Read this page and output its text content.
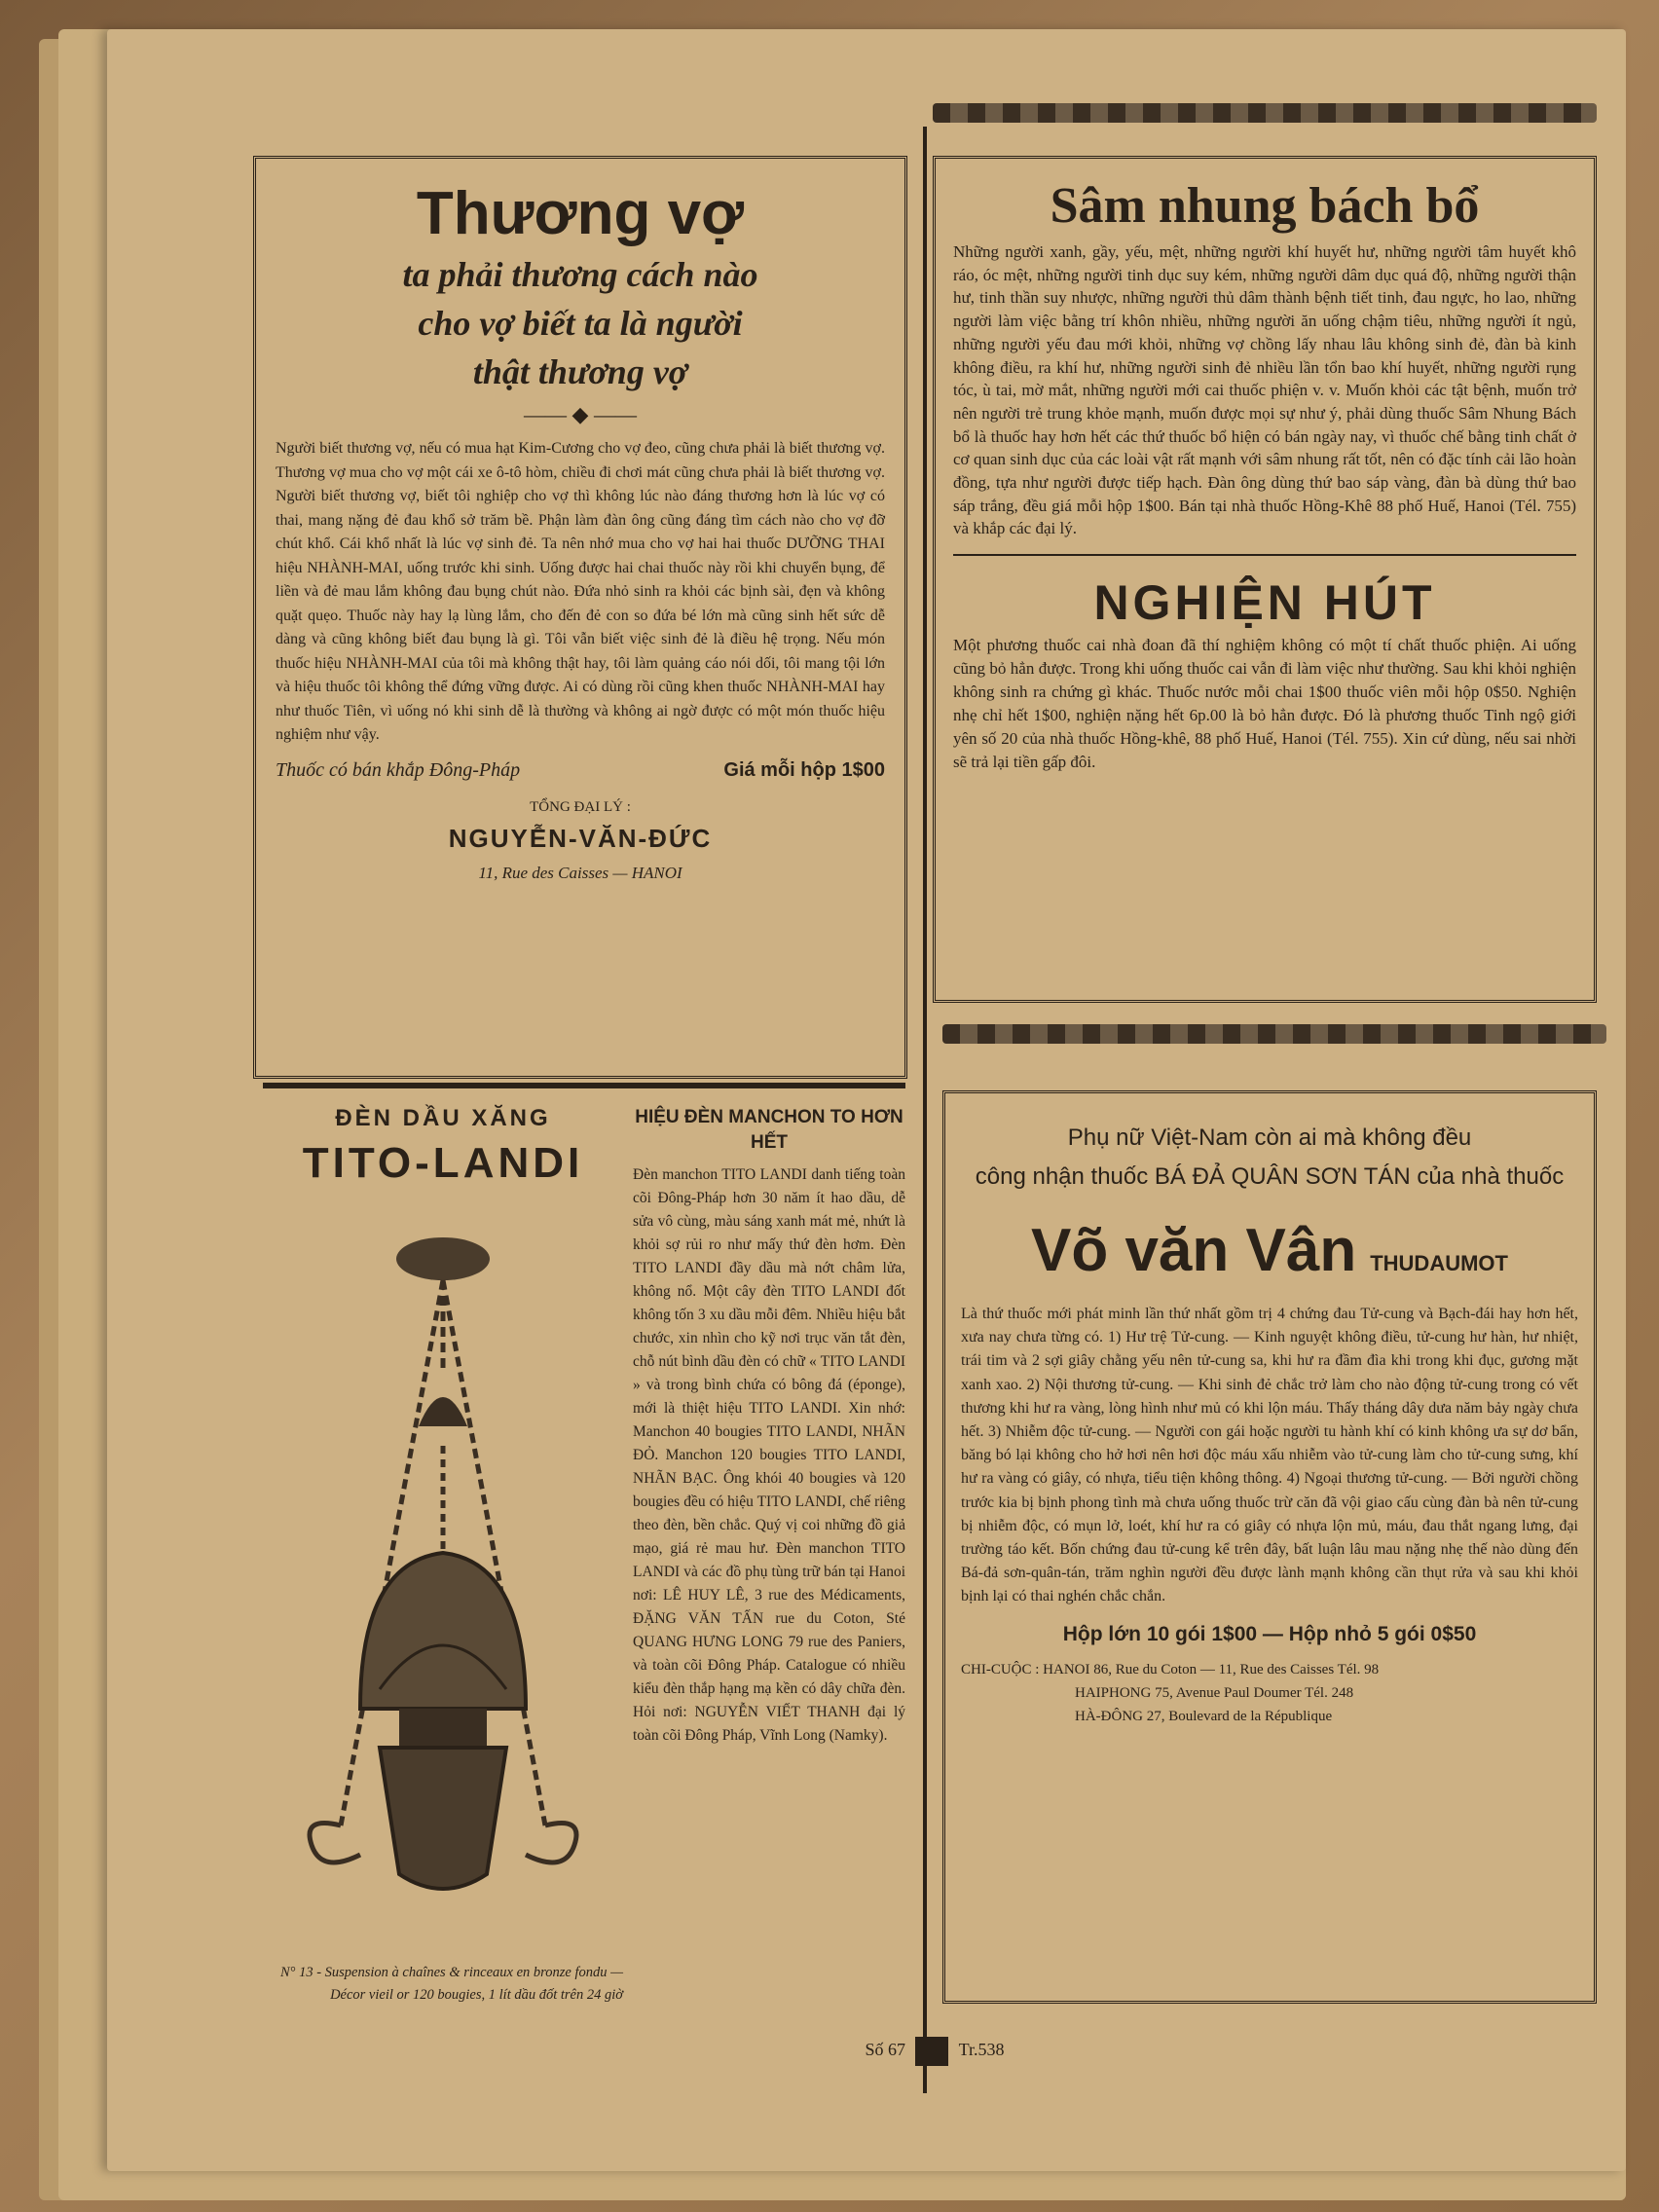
Thương vợ
ta phải thương cách nào
cho vợ biết ta là người
thật thương vợ
—— ◆ ——
Người biết thương vợ, nếu có mua hạt Kim-Cương cho vợ đeo, cũng chưa phải là biết thương vợ. Thương vợ mua cho vợ một cái xe ô-tô hòm, chiều đi chơi mát cũng chưa phải là biết thương vợ. Người biết thương vợ, biết tôi nghiệp cho vợ thì không lúc nào đáng thương hơn là lúc vợ có thai, mang nặng đẻ đau khổ sở trăm bề. Phận làm đàn ông cũng đáng tìm cách nào cho vợ đỡ chút khổ. Cái khổ nhất là lúc vợ sinh đẻ. Ta nên nhớ mua cho vợ hai hai thuốc DƯỠNG THAI hiệu NHÀNH-MAI, uống trước khi sinh. Uống được hai chai thuốc này rồi khi chuyển bụng, để liền và đẻ mau lắm không đau bụng chút nào. Đứa nhỏ sinh ra khỏi các bịnh sài, đẹn và không quặt quẹo. Thuốc này hay lạ lùng lắm, cho đến đẻ con so đứa bé lớn mà cũng sinh hết sức dễ dàng và cũng không biết đau bụng là gì. Tôi vẫn biết việc sinh đẻ là điều hệ trọng. Nếu món thuốc hiệu NHÀNH-MAI của tôi mà không thật hay, tôi làm quảng cáo nói dối, tôi mang tội lớn và hiệu thuốc tôi không thể đứng vững được. Ai có dùng rồi cũng khen thuốc NHÀNH-MAI hay như thuốc Tiên, vì uống nó khi sinh dễ là thường và không ai ngờ được có một món thuốc hiệu nghiệm như vậy.
Thuốc có bán khắp Đông-Pháp	Giá mỗi hộp 1$00
TỔNG ĐẠI LÝ :
NGUYỄN-VĂN-ĐỨC
11, Rue des Caisses — HANOI
Sâm nhung bách bổ
Những người xanh, gầy, yếu, mệt, những người khí huyết hư, những người tâm huyết khô ráo, óc mệt, những người tinh dục suy kém, những người dâm dục quá độ, những người thận hư, tinh thần suy nhược, những người thủ dâm thành bệnh tiết tinh, đau ngực, ho lao, những người làm việc bằng trí khôn nhiều, những người ăn uống chậm tiêu, những người ít ngủ, những người yếu đau mới khỏi, những vợ chồng lấy nhau lâu không sinh đẻ, đàn bà kinh không điều, ra khí hư, những người sinh đẻ nhiều lần tổn bao khí huyết, những người rụng tóc, ù tai, mờ mắt, những người mới cai thuốc phiện v. v. Muốn khỏi các tật bệnh, muốn trở nên người trẻ trung khỏe mạnh, muốn được mọi sự như ý, phải dùng thuốc Sâm Nhung Bách bổ là thuốc hay hơn hết các thứ thuốc bổ hiện có bán ngày nay, vì thuốc chế bằng tinh chất ở cơ quan sinh dục của các loài vật rất mạnh với sâm nhung rất tốt, nên có đặc tính cải lão hoàn đồng, tựa như người được tiếp hạch. Đàn ông dùng thứ bao sáp vàng, đàn bà dùng thứ bao sáp trắng, đều giá mỗi hộp 1$00. Bán tại nhà thuốc Hồng-Khê 88 phố Huế, Hanoi (Tél. 755) và khắp các đại lý.
NGHIỆN HÚT
Một phương thuốc cai nhà đoan đã thí nghiệm không có một tí chất thuốc phiện. Ai uống cũng bỏ hẳn được. Trong khi uống thuốc cai vẫn đi làm việc như thường. Sau khi khỏi nghiện không sinh ra chứng gì khác. Thuốc nước mỗi chai 1$00 thuốc viên mỗi hộp 0$50. Nghiện nhẹ chỉ hết 1$00, nghiện nặng hết 6p.00 là bỏ hẳn được. Đó là phương thuốc Tinh ngộ giới yên số 20 của nhà thuốc Hồng-khê, 88 phố Huế, Hanoi (Tél. 755). Xin cứ dùng, nếu sai nhời sẽ trả lại tiền gấp đôi.
ĐÈN DẦU XĂNG
TITO-LANDI
N° 13 - Suspension à chaînes & rinceaux en bronze fondu — Décor vieil or 120 bougies, 1 lít dầu đốt trên 24 giờ
HIỆU ĐÈN MANCHON TO HƠN HẾT
Đèn manchon TITO LANDI danh tiếng toàn cõi Đông-Pháp hơn 30 năm ít hao dầu, dễ sửa vô cùng, màu sáng xanh mát mẻ, nhứt là khỏi sợ rủi ro như mấy thứ đèn hơm. Đèn TITO LANDI đầy dầu mà nớt châm lửa, không nổ. Một cây đèn TITO LANDI đốt không tốn 3 xu dầu mỗi đêm. Nhiều hiệu bắt chước, xin nhìn cho kỹ nơi trục văn tắt đèn, chỗ nút bình dầu đèn có chữ « TITO LANDI » và trong bình chứa có bông đá (éponge), mới là thiệt hiệu TITO LANDI. Xin nhớ: Manchon 40 bougies TITO LANDI, NHÃN ĐỎ. Manchon 120 bougies TITO LANDI, NHÃN BẠC. Ông khói 40 bougies và 120 bougies đều có hiệu TITO LANDI, chế riêng theo đèn, bền chắc. Quý vị coi những đồ giả mạo, giá rẻ mau hư. Đèn manchon TITO LANDI và các đồ phụ tùng trữ bán tại Hanoi nơi: LÊ HUY LÊ, 3 rue des Médicaments, ĐẶNG VĂN TẤN rue du Coton, Sté QUANG HƯNG LONG 79 rue des Paniers, và toàn cõi Đông Pháp. Catalogue có nhiều kiểu đèn thắp hạng mạ kền có dây chữa đèn. Hỏi nơi: NGUYỄN VIẾT THANH đại lý toàn cõi Đông Pháp, Vĩnh Long (Namky).
Phụ nữ Việt-Nam còn ai mà không đều
công nhận thuốc BÁ ĐẢ QUÂN SƠN TÁN của nhà thuốc
Võ văn Vân THUDAUMOT
Là thứ thuốc mới phát minh lần thứ nhất gồm trị 4 chứng đau Tử-cung và Bạch-đái hay hơn hết, xưa nay chưa từng có. 1) Hư trệ Tử-cung. — Kinh nguyệt không điều, tử-cung hư hàn, hư nhiệt, trái tim và 2 sợi giây chằng yếu nên tử-cung sa, khi hư ra đầm đìa khi trong khi đục, gương mặt xanh xao. 2) Nội thương tử-cung. — Khi sinh đẻ chắc trở làm cho nào động tử-cung trong có vết thương khi hư ra vàng, lòng hình như mủ có khi lộn máu. Thấy tháng dây dưa năm bảy ngày chưa hết. 3) Nhiễm độc tử-cung. — Người con gái hoặc người tu hành khí có kinh không ưa sự dơ bẩn, băng bó lại không cho hở hơi nên hơi độc máu xấu nhiễm vào tử-cung làm cho tử-cung sưng, khí hư ra vàng có giây, có nhựa, tiểu tiện không thông. 4) Ngoại thương tử-cung. — Bởi người chồng trước kia bị bịnh phong tình mà chưa uống thuốc trừ căn đã vội giao cấu cùng đàn bà nên tử-cung bị nhiễm độc, có mụn lở, loét, khí hư ra có giây có nhựa lộn mủ, máu, đau thắt ngang lưng, đại trường táo kết. Bốn chứng đau tử-cung kể trên đây, bất luận lâu mau nặng nhẹ thế nào dùng đến Bá-đả sơn-quân-tán, trăm nghìn người đều được lành mạnh không cần thụt rửa và sau khi khỏi bịnh lại có thai nghén chắc chắn.
Hộp lớn 10 gói 1$00 — Hộp nhỏ 5 gói 0$50
CHI-CUỘC : HANOI 86, Rue du Coton — 11, Rue des Caisses Tél. 98
HAIPHONG 75, Avenue Paul Doumer Tél. 248
HÀ-ĐÔNG 27, Boulevard de la République
Số 67	Tr.538
